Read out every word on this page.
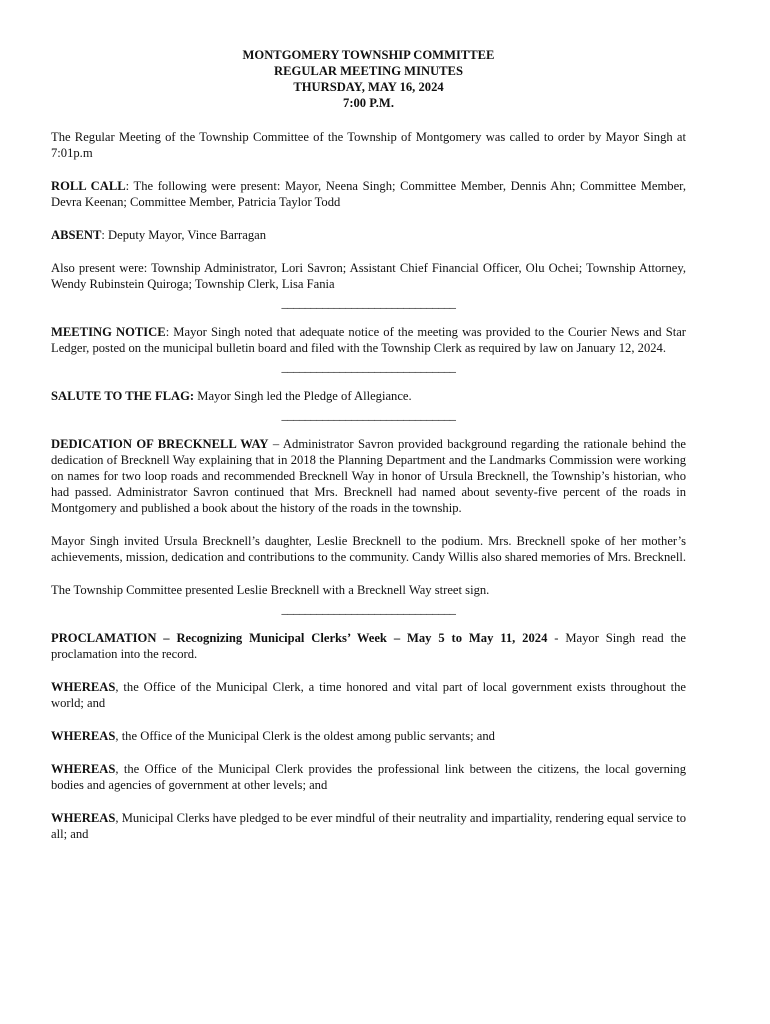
MONTGOMERY TOWNSHIP COMMITTEE
REGULAR MEETING MINUTES
THURSDAY, MAY 16, 2024
7:00 P.M.

The Regular Meeting of the Township Committee of the Township of Montgomery was called to order by Mayor Singh at 7:01p.m

ROLL CALL: The following were present: Mayor, Neena Singh; Committee Member, Dennis Ahn; Committee Member, Devra Keenan; Committee Member, Patricia Taylor Todd

ABSENT: Deputy Mayor, Vince Barragan

Also present were: Township Administrator, Lori Savron; Assistant Chief Financial Officer, Olu Ochei; Township Attorney, Wendy Rubinstein Quiroga; Township Clerk, Lisa Fania

______________________________

MEETING NOTICE: Mayor Singh noted that adequate notice of the meeting was provided to the Courier News and Star Ledger, posted on the municipal bulletin board and filed with the Township Clerk as required by law on January 12, 2024.

______________________________

SALUTE TO THE FLAG: Mayor Singh led the Pledge of Allegiance.

______________________________

DEDICATION OF BRECKNELL WAY – Administrator Savron provided background regarding the rationale behind the dedication of Brecknell Way explaining that in 2018 the Planning Department and the Landmarks Commission were working on names for two loop roads and recommended Brecknell Way in honor of Ursula Brecknell, the Township’s historian, who had passed. Administrator Savron continued that Mrs. Brecknell had named about seventy-five percent of the roads in Montgomery and published a book about the history of the roads in the township.

Mayor Singh invited Ursula Brecknell’s daughter, Leslie Brecknell to the podium. Mrs. Brecknell spoke of her mother’s achievements, mission, dedication and contributions to the community. Candy Willis also shared memories of Mrs. Brecknell.

The Township Committee presented Leslie Brecknell with a Brecknell Way street sign.

______________________________

PROCLAMATION – Recognizing Municipal Clerks’ Week – May 5 to May 11, 2024 - Mayor Singh read the proclamation into the record.

WHEREAS, the Office of the Municipal Clerk, a time honored and vital part of local government exists throughout the world; and

WHEREAS, the Office of the Municipal Clerk is the oldest among public servants; and

WHEREAS, the Office of the Municipal Clerk provides the professional link between the citizens, the local governing bodies and agencies of government at other levels; and

WHEREAS, Municipal Clerks have pledged to be ever mindful of their neutrality and impartiality, rendering equal service to all; and
